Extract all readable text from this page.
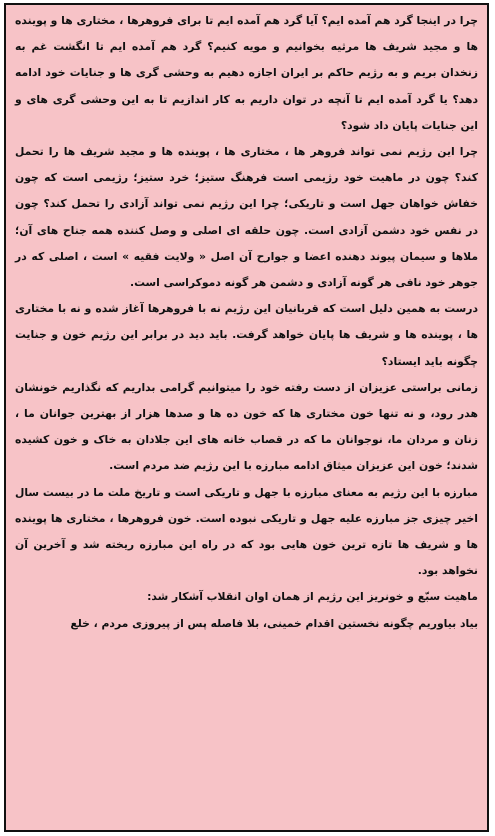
چرا در اینجا گرد هم آمده ایم؟ آیا گرد هم آمده ایم تا برای فروهرها ، مختاری ها و پوینده ها و مجید شریف ها مرثیه بخوانیم و مویه کنیم؟ گرد هم آمده ایم تا انگشت غم به زنخدان بریم و به رژیم حاکم بر ایران اجازه دهیم به وحشی گری ها و جنایات خود ادامه دهد؟ یا گرد آمده ایم تا آنچه در توان داریم به کار اندازیم تا به این وحشی گری های و این جنایات پایان داد شود؟

چرا این رژیم نمی تواند فروهر ها ، مختاری ها ، پوینده ها و مجید شریف ها را تحمل کند؟ چون در ماهیت خود رژیمی است فرهنگ ستیز؛ خرد ستیز؛ رژیمی است که چون خفاش خواهان جهل است و تاریکی؛ چرا این رژیم نمی تواند آزادی را تحمل کند؟ چون در نفس خود دشمن آزادی است. چون حلقه ای اصلی و وصل کننده همه جناح های آن؛ ملاها و سیمان پیوند دهنده اعضا و جوارح آن اصل « ولایت فقیه » است ، اصلی که در جوهر خود نافی هر گونه آزادی و دشمن هر گونه دموکراسی است.

درست به همین دلیل است که قربانیان این رژیم نه با فروهرها آغاز شده و نه با مختاری ها ، پوینده ها و شریف ها پایان خواهد گرفت. باید دید در برابر این رژیم خون و جنایت چگونه باید ایستاد؟

زمانی براستی عزیزان از دست رفته خود را میتوانیم گرامی بداریم که نگذاریم خونشان هدر رود، و نه تنها خون مختاری ها که خون ده ها و صدها هزار از بهترین جوانان ما ، زنان و مردان ما، نوجوانان ما که در قصاب خانه های این جلادان به خاک و خون کشیده شدند؛ خون این عزیزان میثاق ادامه مبارزه با این رژیم ضد مردم است.

مبارزه با این رژیم به معنای مبارزه با جهل و تاریکی است و تاریخ ملت ما در بیست سال اخیر چیزی جز مبارزه علیه جهل و تاریکی نبوده است. خون فروهرها ، مختاری ها پوینده ها و شریف ها تازه ترین خون هایی بود که در راه این مبارزه ریخته شد و آخرین آن نخواهد بود.

ماهیت سبّع و خونریز این رژیم از همان اوان انقلاب آشکار شد:

بیاد بیاوریم چگونه نخستین اقدام خمینی، بلا فاصله پس از پیروزی مردم ، خلع
